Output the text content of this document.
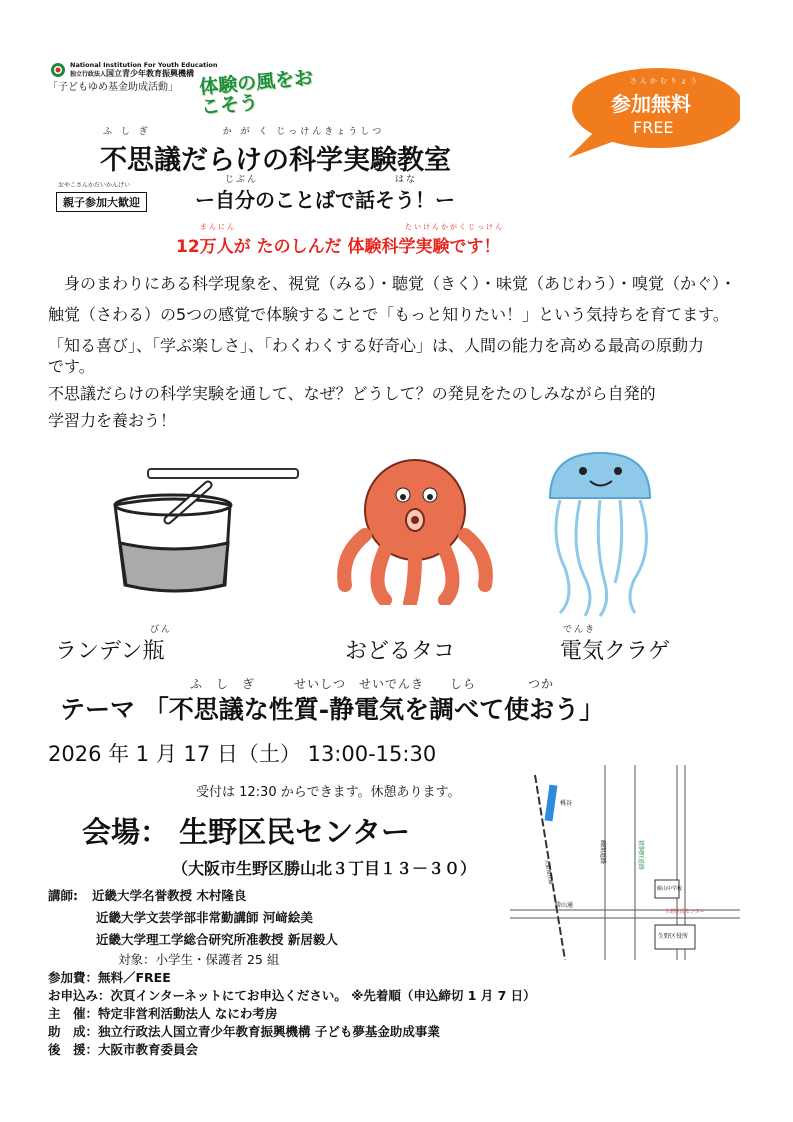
National Institution For Youth Education
独立行政法人国立青少年教育振興機構
「子どもゆめ基金助成活動」 体験の風をおこそう
さんかむりょう
参加無料
FREE
ふ し ぎ　　　　　　か が く じっけんきょうしつ
不思議だらけの科学実験教室
おやこさんかだいかんげい
親子参加大歓迎
じぶん	はな
ー自分のことばで話そう！ー
まんにん	たいけんかがくじっけん
12万人が たのしんだ 体験科学実験です！
　身のまわりにある科学現象を、視覚（みる）・聴覚（きく）・味覚（あじわう）・嗅覚（かぐ）・
触覚（さわる）の5つの感覚で体験することで「もっと知りたい！」という気持ちを育てます。
「知る喜び」、「学ぶ楽しさ」、「わくわくする好奇心」は、人間の能力を高める最高の原動力
です。
不思議だらけの科学実験を通して、なぜ？どうして？の発見をたのしみながら自発的
学習力を養おう！
びん
ランデン瓶	おどるタコ
でんき
電気クラゲ
ふ　し　ぎ　　　せいしつ　せいでんき　　しら　　　　つか
テーマ 「不思議な性質‐静電気を調べて使おう」
2026 年 1 月 17 日（土） 13:00-15:30
受付は 12:30 からできます。休憩あります。
会場： 生野区民センター
（大阪市生野区勝山北３丁目１３－３０）
桃谷
大阪環状線
疎開道路	猪飼野道路
勝山通
勝山中学校
生野区民センター
生野区役所
講師: 近畿大学名誉教授 木村隆良
近畿大学文芸学部非常勤講師 河﨑絵美
近畿大学理工学総合研究所准教授 新居毅人
対象：小学生・保護者 25 組
参加費：無料／FREE
お申込み：次頁インターネットにてお申込ください。 ※先着順（申込締切 1 月 7 日）
主　催：特定非営利活動法人 なにわ考房
助　成：独立行政法人国立青少年教育振興機構 子ども夢基金助成事業
後　援：大阪市教育委員会
